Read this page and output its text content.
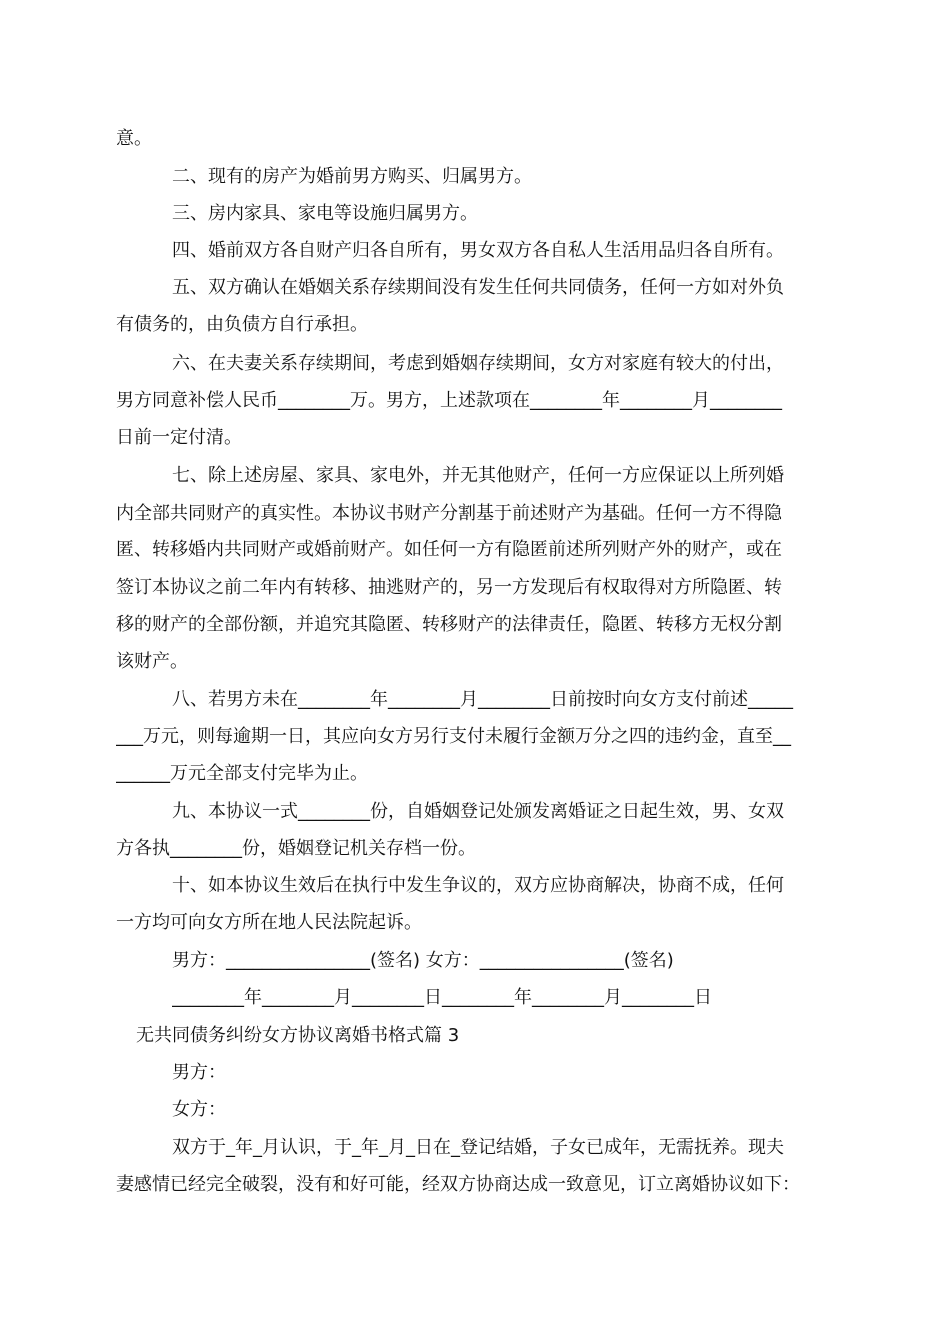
意。
二、现有的房产为婚前男方购买、归属男方。
三、房内家具、家电等设施归属男方。
四、婚前双方各自财产归各自所有，男女双方各自私人生活用品归各自所有。
五、双方确认在婚姻关系存续期间没有发生任何共同债务，任何一方如对外负
有债务的，由负债方自行承担。
六、在夫妻关系存续期间，考虑到婚姻存续期间，女方对家庭有较大的付出，
男方同意补偿人民币________万。男方，上述款项在________年________月________
日前一定付清。
七、除上述房屋、家具、家电外，并无其他财产，任何一方应保证以上所列婚
内全部共同财产的真实性。本协议书财产分割基于前述财产为基础。任何一方不得隐
匿、转移婚内共同财产或婚前财产。如任何一方有隐匿前述所列财产外的财产，或在
签订本协议之前二年内有转移、抽逃财产的，另一方发现后有权取得对方所隐匿、转
移的财产的全部份额，并追究其隐匿、转移财产的法律责任，隐匿、转移方无权分割
该财产。
八、若男方未在________年________月________日前按时向女方支付前述_____
___万元，则每逾期一日，其应向女方另行支付未履行金额万分之四的违约金，直至__
______万元全部支付完毕为止。
九、本协议一式________份，自婚姻登记处颁发离婚证之日起生效，男、女双
方各执________份，婚姻登记机关存档一份。
十、如本协议生效后在执行中发生争议的，双方应协商解决，协商不成，任何
一方均可向女方所在地人民法院起诉。
男方：________________(签名) 女方：________________(签名)
________年________月________日________年________月________日
无共同债务纠纷女方协议离婚书格式篇 3
男方：
女方：
双方于_年_月认识，于_年_月_日在_登记结婚，子女已成年，无需抚养。现夫
妻感情已经完全破裂，没有和好可能，经双方协商达成一致意见，订立离婚协议如下：
